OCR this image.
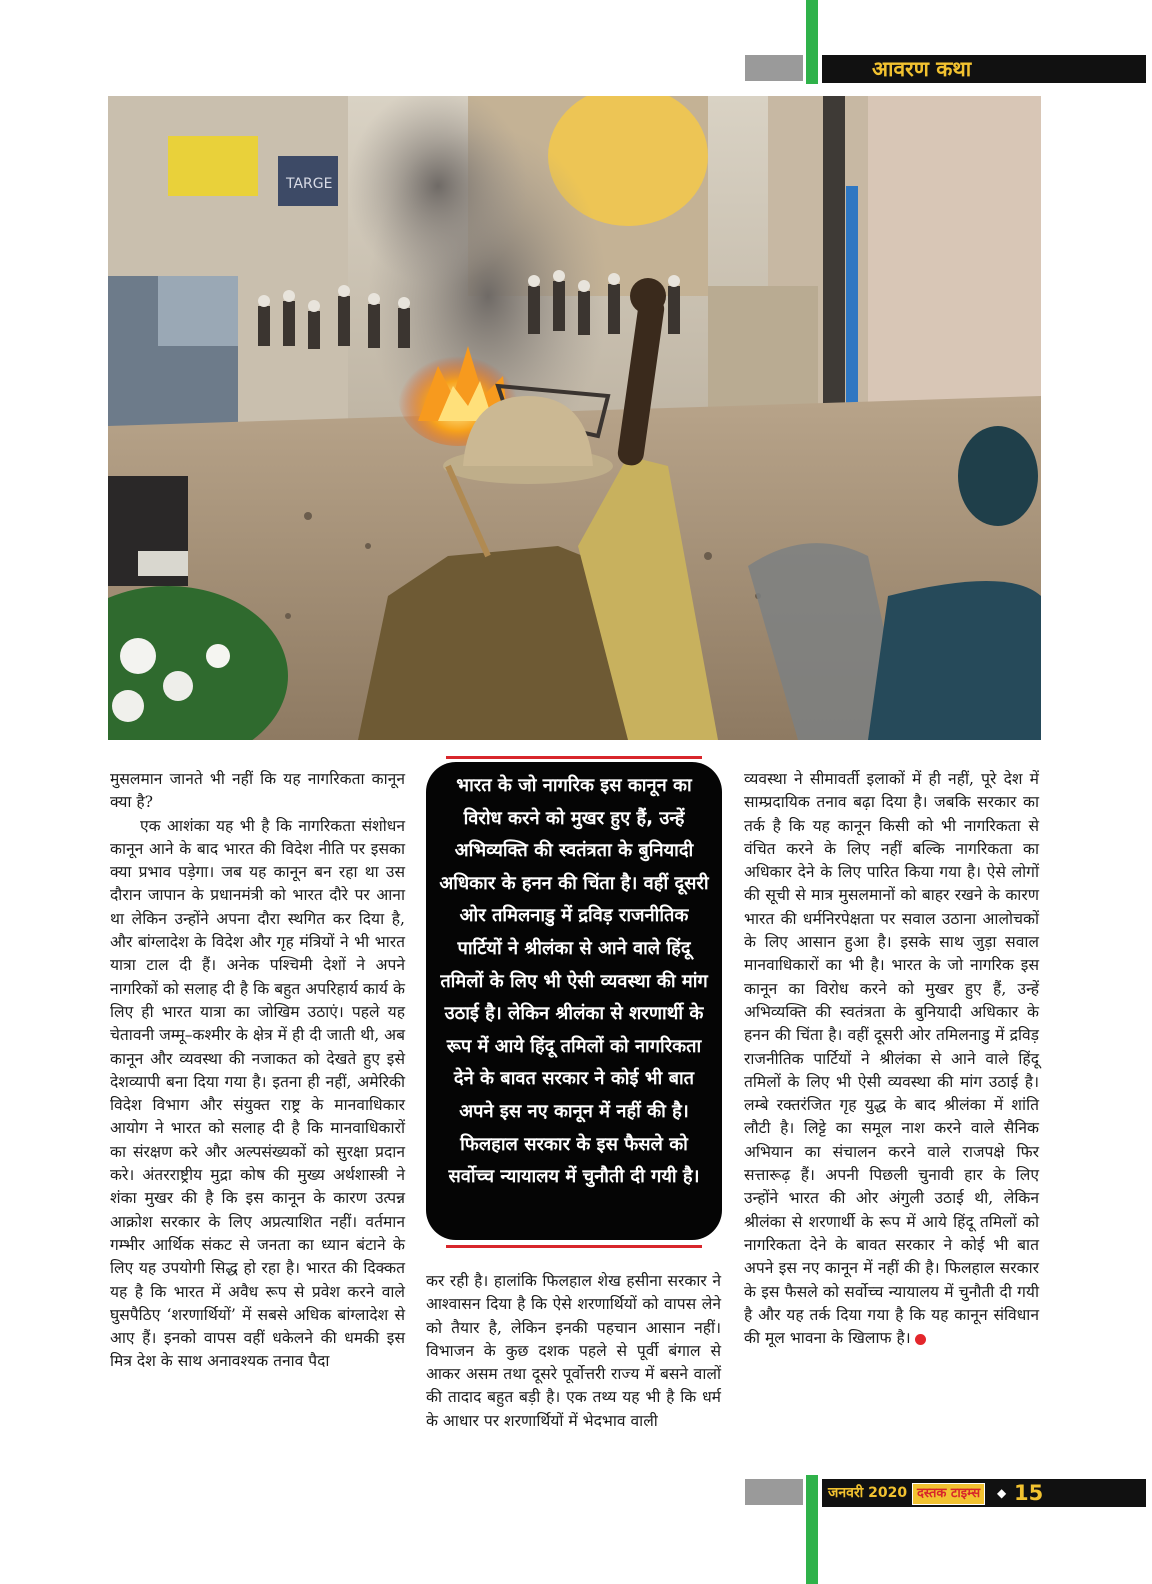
आवरण कथा
TARGE

मुसलमान जानते भी नहीं कि यह नागरिकता कानून क्या है?

एक आशंका यह भी है कि नागरिकता संशोधन कानून आने के बाद भारत की विदेश नीति पर इसका क्या प्रभाव पड़ेगा। जब यह कानून बन रहा था उस दौरान जापान के प्रधानमंत्री को भारत दौरे पर आना था लेकिन उन्होंने अपना दौरा स्थगित कर दिया है, और बांग्लादेश के विदेश और गृह मंत्रियों ने भी भारत यात्रा टाल दी हैं। अनेक पश्चिमी देशों ने अपने नागरिकों को सलाह दी है कि बहुत अपरिहार्य कार्य के लिए ही भारत यात्रा का जोखिम उठाएं। पहले यह चेतावनी जम्मू–कश्मीर के क्षेत्र में ही दी जाती थी, अब कानून और व्यवस्था की नजाकत को देखते हुए इसे देशव्यापी बना दिया गया है। इतना ही नहीं, अमेरिकी विदेश विभाग और संयुक्त राष्ट्र के मानवाधिकार आयोग ने भारत को सलाह दी है कि मानवाधिकारों का संरक्षण करे और अल्पसंख्यकों को सुरक्षा प्रदान करे। अंतरराष्ट्रीय मुद्रा कोष की मुख्य अर्थशास्त्री ने शंका मुखर की है कि इस कानून के कारण उत्पन्न आक्रोश सरकार के लिए अप्रत्याशित नहीं। वर्तमान गम्भीर आर्थिक संकट से जनता का ध्यान बंटाने के लिए यह उपयोगी सिद्ध हो रहा है। भारत की दिक्कत यह है कि भारत में अवैध रूप से प्रवेश करने वाले घुसपैठिए ‘शरणार्थियों’ में सबसे अधिक बांग्लादेश से आए हैं। इनको वापस वहीं धकेलने की धमकी इस मित्र देश के साथ अनावश्यक तनाव पैदा

भारत के जो नागरिक इस कानून का विरोध करने को मुखर हुए हैं, उन्हें अभिव्यक्ति की स्वतंत्रता के बुनियादी अधिकार के हनन की चिंता है। वहीं दूसरी ओर तमिलनाडु में द्रविड़ राजनीतिक पार्टियों ने श्रीलंका से आने वाले हिंदू तमिलों के लिए भी ऐसी व्यवस्था की मांग उठाई है। लेकिन श्रीलंका से शरणार्थी के रूप में आये हिंदू तमिलों को नागरिकता देने के बावत सरकार ने कोई भी बात अपने इस नए कानून में नहीं की है। फिलहाल सरकार के इस फैसले को सर्वोच्च न्यायालय में चुनौती दी गयी है।

कर रही है। हालांकि फिलहाल शेख हसीना सरकार ने आश्वासन दिया है कि ऐसे शरणार्थियों को वापस लेने को तैयार है, लेकिन इनकी पहचान आसान नहीं। विभाजन के कुछ दशक पहले से पूर्वी बंगाल से आकर असम तथा दूसरे पूर्वोत्तरी राज्य में बसने वालों की तादाद बहुत बड़ी है। एक तथ्य यह भी है कि धर्म के आधार पर शरणार्थियों में भेदभाव वाली

व्यवस्था ने सीमावर्ती इलाकों में ही नहीं, पूरे देश में साम्प्रदायिक तनाव बढ़ा दिया है। जबकि सरकार का तर्क है कि यह कानून किसी को भी नागरिकता से वंचित करने के लिए नहीं बल्कि नागरिकता का अधिकार देने के लिए पारित किया गया है। ऐसे लोगों की सूची से मात्र मुसलमानों को बाहर रखने के कारण भारत की धर्मनिरपेक्षता पर सवाल उठाना आलोचकों के लिए आसान हुआ है। इसके साथ जुड़ा सवाल मानवाधिकारों का भी है। भारत के जो नागरिक इस कानून का विरोध करने को मुखर हुए हैं, उन्हें अभिव्यक्ति की स्वतंत्रता के बुनियादी अधिकार के हनन की चिंता है। वहीं दूसरी ओर तमिलनाडु में द्रविड़ राजनीतिक पार्टियों ने श्रीलंका से आने वाले हिंदू तमिलों के लिए भी ऐसी व्यवस्था की मांग उठाई है। लम्बे रक्तरंजित गृह युद्ध के बाद श्रीलंका में शांति लौटी है। लिट्टे का समूल नाश करने वाले सैनिक अभियान का संचालन करने वाले राजपक्षे फिर सत्तारूढ़ हैं। अपनी पिछली चुनावी हार के लिए उन्होंने भारत की ओर अंगुली उठाई थी, लेकिन श्रीलंका से शरणार्थी के रूप में आये हिंदू तमिलों को नागरिकता देने के बावत सरकार ने कोई भी बात अपने इस नए कानून में नहीं की है। फिलहाल सरकार के इस फैसले को सर्वोच्च न्यायालय में चुनौती दी गयी है और यह तर्क दिया गया है कि यह कानून संविधान की मूल भावना के खिलाफ है।

जनवरी 2020 दस्तक टाइम्स	◆ 15
